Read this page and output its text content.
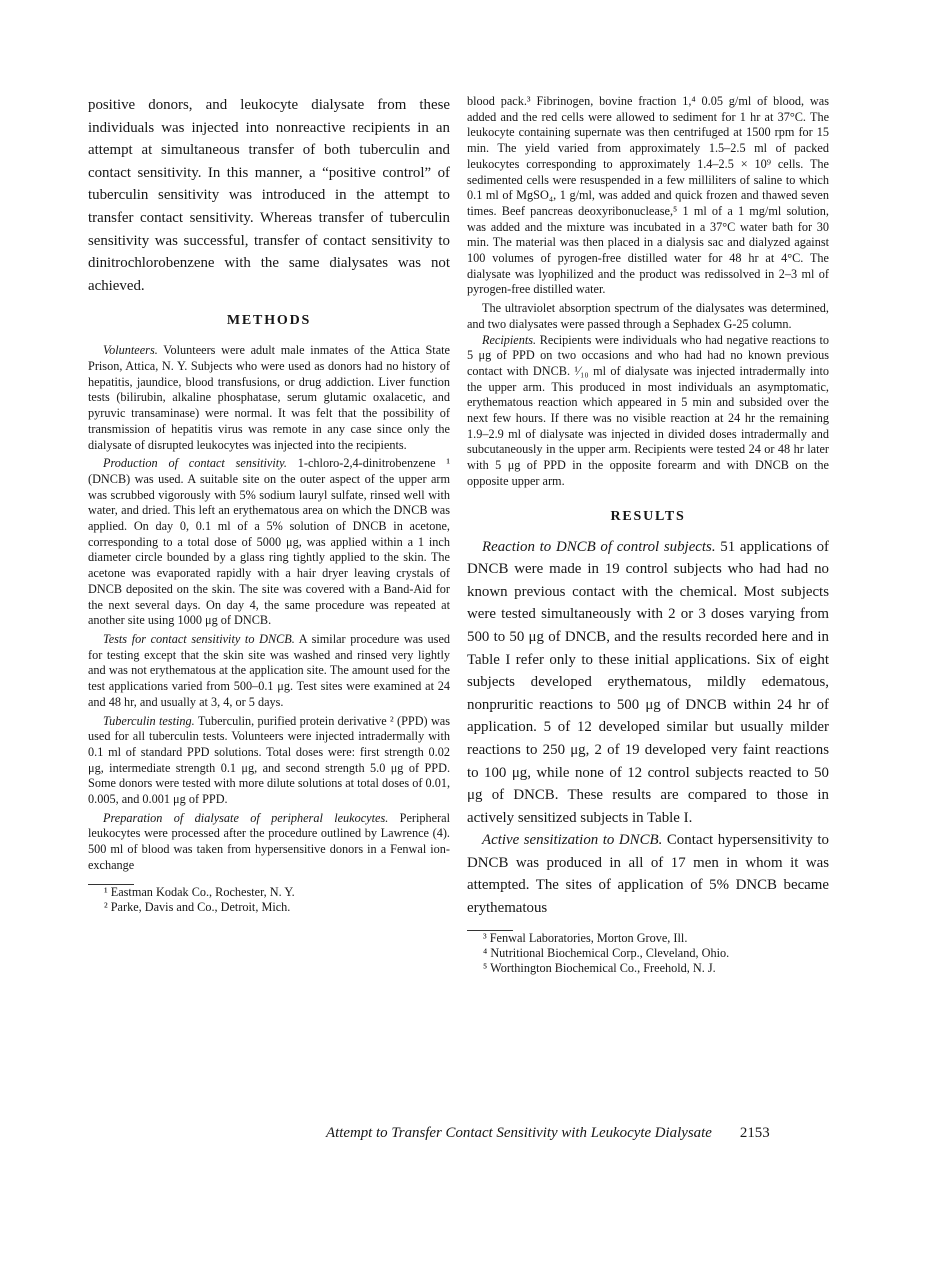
positive donors, and leukocyte dialysate from these individuals was injected into nonreactive recipients in an attempt at simultaneous transfer of both tuberculin and contact sensitivity. In this manner, a “positive control” of tuberculin sensitivity was introduced in the attempt to transfer contact sensitivity. Whereas transfer of tuberculin sensitivity was successful, transfer of contact sensitivity to dinitrochlorobenzene with the same dialysates was not achieved.

METHODS

Volunteers. Volunteers were adult male inmates of the Attica State Prison, Attica, N. Y. Subjects who were used as donors had no history of hepatitis, jaundice, blood transfusions, or drug addiction. Liver function tests (bilirubin, alkaline phosphatase, serum glutamic oxalacetic, and pyruvic transaminase) were normal. It was felt that the possibility of transmission of hepatitis virus was remote in any case since only the dialysate of disrupted leukocytes was injected into the recipients.

Production of contact sensitivity. 1-chloro-2,4-dinitrobenzene ¹ (DNCB) was used. A suitable site on the outer aspect of the upper arm was scrubbed vigorously with 5% sodium lauryl sulfate, rinsed well with water, and dried. This left an erythematous area on which the DNCB was applied. On day 0, 0.1 ml of a 5% solution of DNCB in acetone, corresponding to a total dose of 5000 μg, was applied within a 1 inch diameter circle bounded by a glass ring tightly applied to the skin. The acetone was evaporated rapidly with a hair dryer leaving crystals of DNCB deposited on the skin. The site was covered with a Band-Aid for the next several days. On day 4, the same procedure was repeated at another site using 1000 μg of DNCB.

Tests for contact sensitivity to DNCB. A similar procedure was used for testing except that the skin site was washed and rinsed very lightly and was not erythematous at the application site. The amount used for the test applications varied from 500–0.1 μg. Test sites were examined at 24 and 48 hr, and usually at 3, 4, or 5 days.

Tuberculin testing. Tuberculin, purified protein derivative ² (PPD) was used for all tuberculin tests. Volunteers were injected intradermally with 0.1 ml of standard PPD solutions. Total doses were: first strength 0.02 μg, intermediate strength 0.1 μg, and second strength 5.0 μg of PPD. Some donors were tested with more dilute solutions at total doses of 0.01, 0.005, and 0.001 μg of PPD.

Preparation of dialysate of peripheral leukocytes. Peripheral leukocytes were processed after the procedure outlined by Lawrence (4). 500 ml of blood was taken from hypersensitive donors in a Fenwal ion-exchange

¹ Eastman Kodak Co., Rochester, N. Y.
² Parke, Davis and Co., Detroit, Mich.

blood pack.³ Fibrinogen, bovine fraction 1,⁴ 0.05 g/ml of blood, was added and the red cells were allowed to sediment for 1 hr at 37°C. The leukocyte containing supernate was then centrifuged at 1500 rpm for 15 min. The yield varied from approximately 1.5–2.5 ml of packed leukocytes corresponding to approximately 1.4–2.5 × 10⁹ cells. The sedimented cells were resuspended in a few milliliters of saline to which 0.1 ml of MgSO₄, 1 g/ml, was added and quick frozen and thawed seven times. Beef pancreas deoxyribonuclease,⁵ 1 ml of a 1 mg/ml solution, was added and the mixture was incubated in a 37°C water bath for 30 min. The material was then placed in a dialysis sac and dialyzed against 100 volumes of pyrogen-free distilled water for 48 hr at 4°C. The dialysate was lyophilized and the product was redissolved in 2–3 ml of pyrogen-free distilled water.

The ultraviolet absorption spectrum of the dialysates was determined, and two dialysates were passed through a Sephadex G-25 column.

Recipients. Recipients were individuals who had negative reactions to 5 μg of PPD on two occasions and who had had no known previous contact with DNCB. ¹⁄₁₀ ml of dialysate was injected intradermally into the upper arm. This produced in most individuals an asymptomatic, erythematous reaction which appeared in 5 min and subsided over the next few hours. If there was no visible reaction at 24 hr the remaining 1.9–2.9 ml of dialysate was injected in divided doses intradermally and subcutaneously in the upper arm. Recipients were tested 24 or 48 hr later with 5 μg of PPD in the opposite forearm and with DNCB on the opposite upper arm.

RESULTS

Reaction to DNCB of control subjects. 51 applications of DNCB were made in 19 control subjects who had had no known previous contact with the chemical. Most subjects were tested simultaneously with 2 or 3 doses varying from 500 to 50 μg of DNCB, and the results recorded here and in Table I refer only to these initial applications. Six of eight subjects developed erythematous, mildly edematous, nonpruritic reactions to 500 μg of DNCB within 24 hr of application. 5 of 12 developed similar but usually milder reactions to 250 μg, 2 of 19 developed very faint reactions to 100 μg, while none of 12 control subjects reacted to 50 μg of DNCB. These results are compared to those in actively sensitized subjects in Table I.

Active sensitization to DNCB. Contact hypersensitivity to DNCB was produced in all of 17 men in whom it was attempted. The sites of application of 5% DNCB became erythematous

³ Fenwal Laboratories, Morton Grove, Ill.
⁴ Nutritional Biochemical Corp., Cleveland, Ohio.
⁵ Worthington Biochemical Co., Freehold, N. J.
Attempt to Transfer Contact Sensitivity with Leukocyte Dialysate 2153
